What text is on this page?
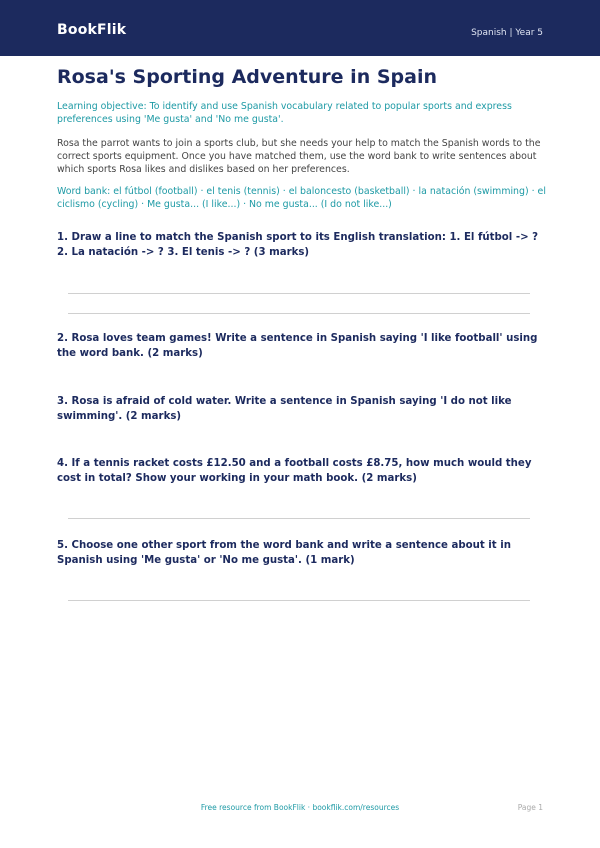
BookFlik	Spanish | Year 5
Rosa's Sporting Adventure in Spain
Learning objective: To identify and use Spanish vocabulary related to popular sports and express preferences using 'Me gusta' and 'No me gusta'.
Rosa the parrot wants to join a sports club, but she needs your help to match the Spanish words to the correct sports equipment. Once you have matched them, use the word bank to write sentences about which sports Rosa likes and dislikes based on her preferences.
Word bank: el fútbol (football) · el tenis (tennis) · el baloncesto (basketball) · la natación (swimming) · el ciclismo (cycling) · Me gusta... (I like...) · No me gusta... (I do not like...)
1. Draw a line to match the Spanish sport to its English translation: 1. El fútbol -> ? 2. La natación -> ? 3. El tenis -> ? (3 marks)
2. Rosa loves team games! Write a sentence in Spanish saying 'I like football' using the word bank. (2 marks)
3. Rosa is afraid of cold water. Write a sentence in Spanish saying 'I do not like swimming'. (2 marks)
4. If a tennis racket costs £12.50 and a football costs £8.75, how much would they cost in total? Show your working in your math book. (2 marks)
5. Choose one other sport from the word bank and write a sentence about it in Spanish using 'Me gusta' or 'No me gusta'. (1 mark)
Free resource from BookFlik · bookflik.com/resources	Page 1
